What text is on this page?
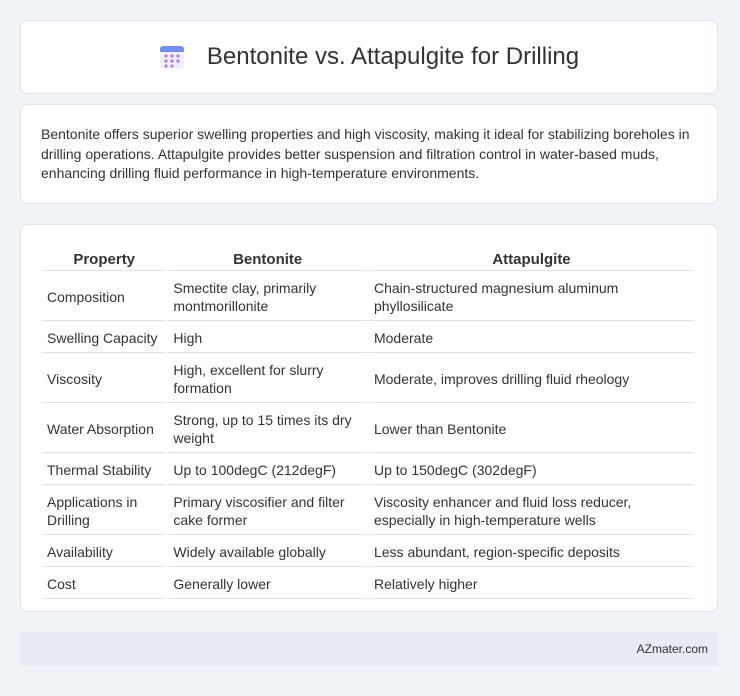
Bentonite vs. Attapulgite for Drilling
Bentonite offers superior swelling properties and high viscosity, making it ideal for stabilizing boreholes in drilling operations. Attapulgite provides better suspension and filtration control in water-based muds, enhancing drilling fluid performance in high-temperature environments.
Property	Bentonite	Attapulgite
Composition	Smectite clay, primarily montmorillonite	Chain-structured magnesium aluminum phyllosilicate
Swelling Capacity	High	Moderate
Viscosity	High, excellent for slurry formation	Moderate, improves drilling fluid rheology
Water Absorption	Strong, up to 15 times its dry weight	Lower than Bentonite
Thermal Stability	Up to 100degC (212degF)	Up to 150degC (302degF)
Applications in Drilling	Primary viscosifier and filter cake former	Viscosity enhancer and fluid loss reducer, especially in high-temperature wells
Availability	Widely available globally	Less abundant, region-specific deposits
Cost	Generally lower	Relatively higher
AZmater.com
